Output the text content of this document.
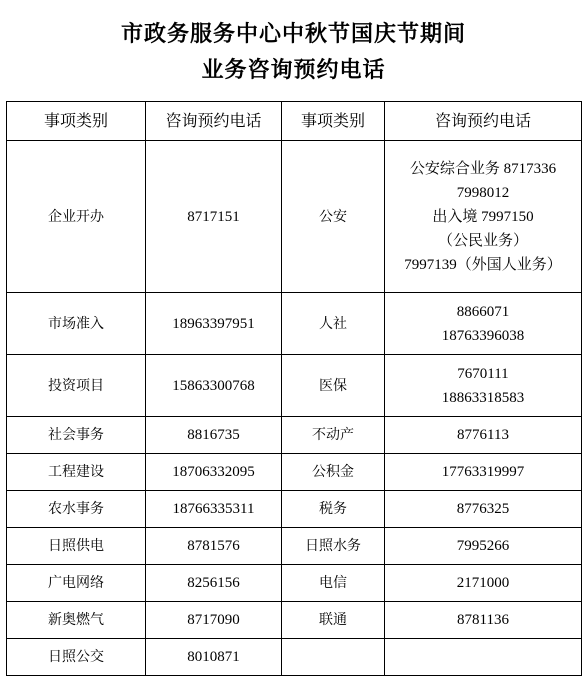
市政务服务中心中秋节国庆节期间
业务咨询预约电话
事项类别	咨询预约电话	事项类别	咨询预约电话
企业开办	8717151	公安	公安综合业务 8717336
7998012
出入境 7997150
（公民业务）
7997139（外国人业务）

市场准入	18963397951	人社	8866071
18763396038

投资项目	15863300768	医保	7670111
18863318583

社会事务	8816735	不动产	8776113

工程建设	18706332095	公积金	17763319997

农水事务	18766335311	税务	8776325

日照供电	8781576	日照水务	7995266

广电网络	8256156	电信	2171000

新奥燃气	8717090	联通	8781136

日照公交	8010871		
